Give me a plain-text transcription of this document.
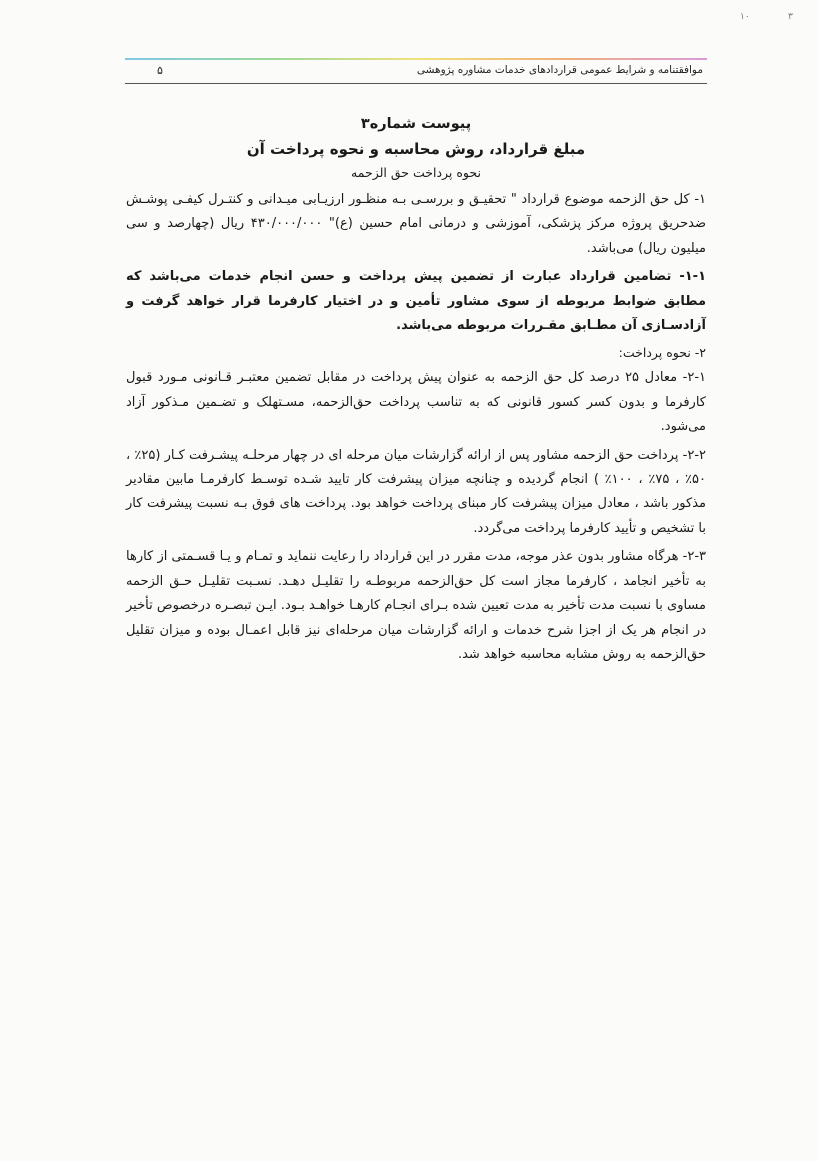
۱۰	۳
موافقتنامه و شرایط عمومی قراردادهای خدمات مشاوره پژوهشی
۵

پیوست شماره۳

مبلغ قرارداد، روش محاسبه و نحوه پرداخت آن

نحوه پرداخت حق الزحمه

۱- کل حق الزحمه موضوع قرارداد " تحقیـق و بررسـی بـه منظـور ارزیـابی میـدانی و کنتـرل کیفـی پوشـش ضدحریق پروژه مرکز پزشکی، آموزشی و درمانی امام حسین (ع)" ۴۳۰/۰۰۰/۰۰۰ ریال (چهارصد و سی میلیون ریال) می‌باشد.

۱-۱- تضامین قرارداد عبارت از تضمین پیش پرداخت و حسن انجام خدمات می‌باشد که مطابق ضوابط مربوطه از سوی مشاور تأمین و در اختیار کارفرما قرار خواهد گرفت و آزادسـازی آن مطـابق مقـررات مربوطه می‌باشد.

۲- نحوه پرداخت:

۲-۱- معادل ۲۵ درصد کل حق الزحمه به عنوان پیش پرداخت در مقابل تضمین معتبـر قـانونی مـورد قبول کارفرما و بدون کسر کسور قانونی که به تناسب پرداخت حق‌الزحمه، مسـتهلک و تضـمین مـذکور آزاد می‌شود.

۲-۲- پرداخت حق الزحمه مشاور پس از ارائه گزارشات میان مرحله ای در چهار مرحلـه پیشـرفت کـار (۲۵٪ ، ۵۰٪ ، ۷۵٪ ، ۱۰۰٪ ) انجام گردیده و چنانچه میزان پیشرفت کار تایید شـده توسـط کارفرمـا مابین مقادیر مذکور باشد ، معادل میزان پیشرفت کار مبنای پرداخت خواهد بود. پرداخت های فوق بـه نسبت پیشرفت کار با تشخیص و تأیید کارفرما پرداخت می‌گردد.

۲-۳- هرگاه مشاور بدون عذر موجه، مدت مقرر در این قرارداد را رعایت ننماید و تمـام و یـا قسـمتی از کارها به تأخیر انجامد ، کارفرما مجاز است کل حق‌الزحمه مربوطـه را تقلیـل دهـد. نسـبت تقلیـل حـق الزحمه مساوی با نسبت مدت تأخیر به مدت تعیین شده بـرای انجـام کارهـا خواهـد بـود. ایـن تبصـره درخصوص تأخیر در انجام هر یک از اجزا شرح خدمات و ارائه گزارشات میان مرحله‌ای نیز قابل اعمـال بوده و میزان تقلیل حق‌الزحمه به روش مشابه محاسبه خواهد شد.
